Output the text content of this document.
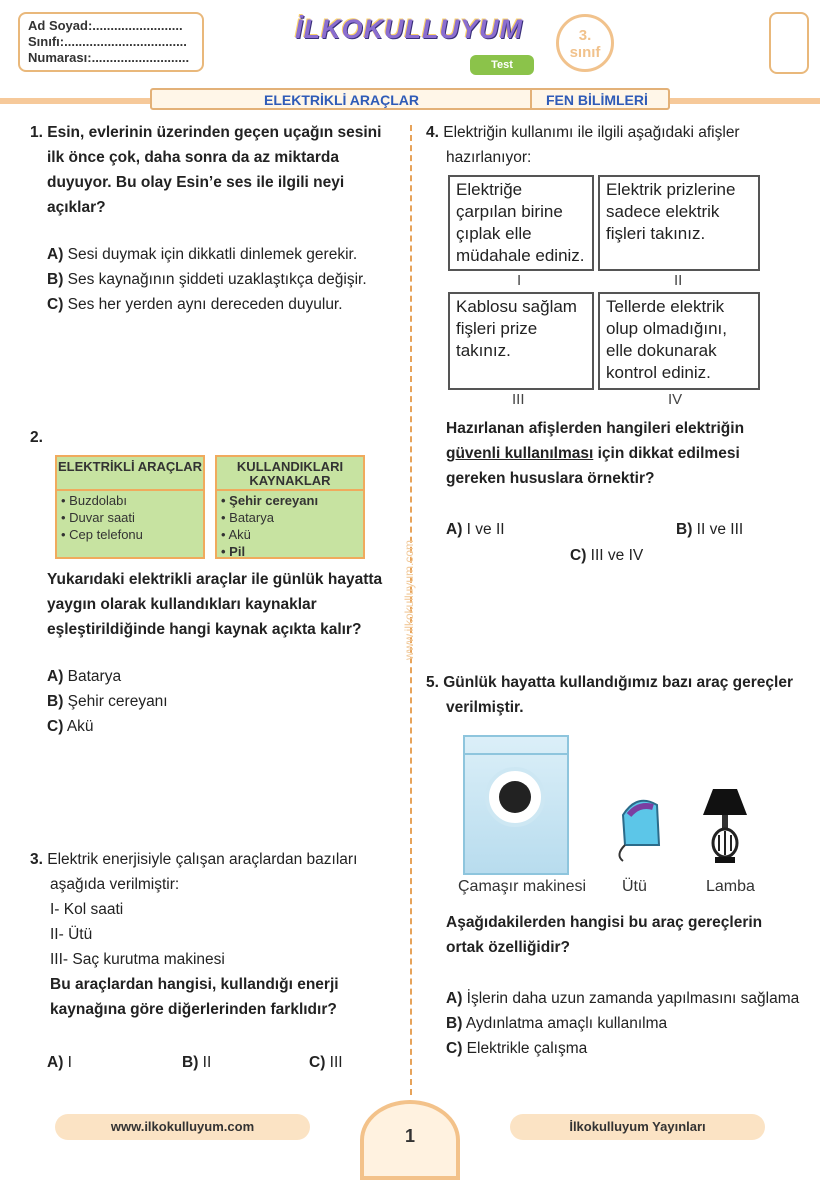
Ad Soyad:.........................
Sınıfı:..................................
Numarası:...........................
İLKOKULLUYUM
Test
3.
sınıf
ELEKTRİKLİ ARAÇLAR	FEN BİLİMLERİ
www.ilkokulluyum.com
1. Esin, evlerinin üzerinden geçen uçağın sesini ilk önce çok, daha sonra da az miktarda duyuyor. Bu olay Esin’e ses ile ilgili neyi açıklar?
A) Sesi duymak için dikkatli dinlemek gerekir.
B) Ses kaynağının şiddeti uzaklaştıkça değişir.
C) Ses her yerden aynı dereceden duyulur.
2.
ELEKTRİKLİ ARAÇLAR
• Buzdolabı
• Duvar saati
• Cep telefonu
KULLANDIKLARI KAYNAKLAR
• Şehir cereyanı
• Batarya
• Akü
• Pil
Yukarıdaki elektrikli araçlar ile günlük hayatta yaygın olarak kullandıkları kaynaklar eşleştirildiğinde hangi kaynak açıkta kalır?
A) Batarya
B) Şehir cereyanı
C) Akü
3. Elektrik enerjisiyle çalışan araçlardan bazıları aşağıda verilmiştir:
I- Kol saati
II- Ütü
III- Saç kurutma makinesi
Bu araçlardan hangisi, kullandığı enerji kaynağına göre diğerlerinden farklıdır?
A) I	B) II	C) III
4. Elektriğin kullanımı ile ilgili aşağıdaki afişler hazırlanıyor:
Elektriğe çarpılan birine çıplak elle müdahale ediniz.
Elektrik prizlerine sadece elektrik fişleri takınız.
I	II
Kablosu sağlam fişleri prize takınız.
Tellerde elektrik olup olmadığını, elle dokunarak kontrol ediniz.
III	IV
Hazırlanan afişlerden hangileri elektriğin güvenli kullanılması için dikkat edilmesi gereken hususlara örnektir?
A) I ve II	B) II ve III
C) III ve IV
5. Günlük hayatta kullandığımız bazı araç gereçler verilmiştir.
Çamaşır makinesi Ütü	Lamba
Aşağıdakilerden hangisi bu araç gereçlerin ortak özelliğidir?
A) İşlerin daha uzun zamanda yapılmasını sağlama
B) Aydınlatma amaçlı kullanılma
C) Elektrikle çalışma
www.ilkokulluyum.com	1	İlkokulluyum Yayınları
